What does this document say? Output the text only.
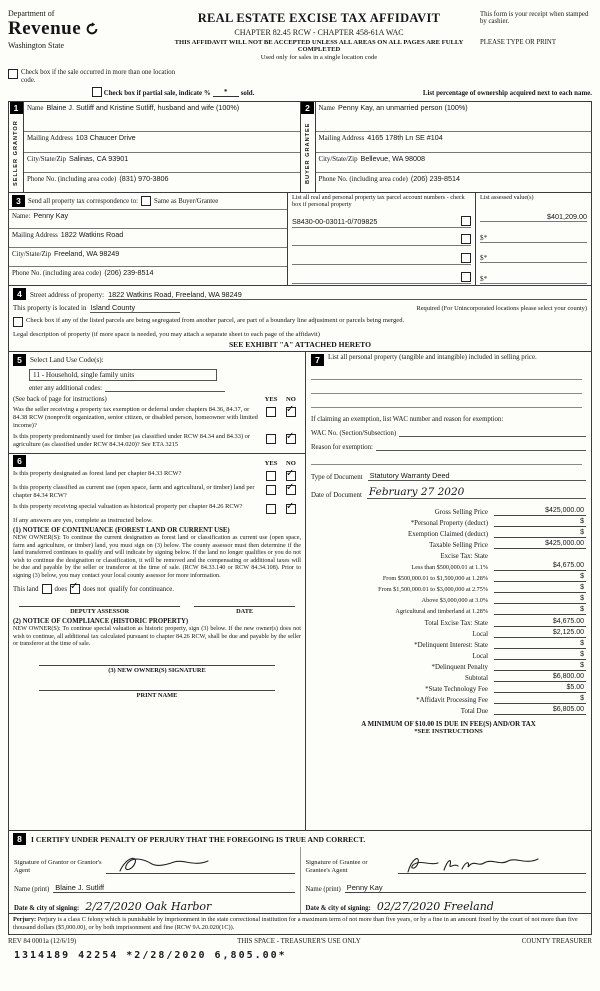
Department of
Revenue
Washington State
REAL ESTATE EXCISE TAX AFFIDAVIT
CHAPTER 82.45 RCW - CHAPTER 458-61A WAC
THIS AFFIDAVIT WILL NOT BE ACCEPTED UNLESS ALL AREAS ON ALL PAGES ARE FULLY COMPLETED
Used only for sales in a single location code
This form is your receipt when stamped by cashier.
PLEASE TYPE OR PRINT
Check box if the sale occurred in more than one location code.

Check box if partial sale, indicate %	*	sold.	List percentage of ownership acquired next to each name.
1
SELLER GRANTOR
Name Blaine J. Sutliff and Kristine Sutliff, husband and wife (100%)
Mailing Address 103 Chaucer Drive
City/State/Zip Salinas, CA 93901
Phone No. (including area code) (831) 970-3806
2
BUYER GRANTEE
Name Penny Kay, an unmarried person (100%)
Mailing Address 4165 178th Ln SE #104
City/State/Zip Bellevue, WA 98008
Phone No. (including area code) (206) 239-8514
3	Send all property tax correspondence to: Same as Buyer/Grantee
Name: Penny Kay
Mailing Address 1822 Watkins Road
City/State/Zip Freeland, WA 98249
Phone No. (including area code) (206) 239-8514
List all real and personal property tax parcel account numbers - check box if personal property
S8430-00-03011-0/709825
List assessed value(s)
$401,209.00
$*
$*
$*
4	Street address of property: 1822 Watkins Road, Freeland, WA 98249
This property is located in Island County	Required (For Unincorporated locations please select your county)
Check box if any of the listed parcels are being segregated from another parcel, are part of a boundary line adjustment or parcels being merged.
Legal description of property (if more space is needed, you may attach a separate sheet to each page of the affidavit)
SEE EXHIBIT "A" ATTACHED HERETO
5	Select Land Use Code(s):
11 - Household, single family units
enter any additional codes:
(See back of page for instructions)	YES	NO
Was the seller receiving a property tax exemption or deferral under chapters 84.36, 84.37, or 84.38 RCW (nonprofit organization, senior citizen, or disabled person, homeowner with limited income)?
✓
Is this property predominantly used for timber (as classified under RCW 84.34 and 84.33) or agriculture (as classified under RCW 84.34.020)? See ETA 3215
✓
6	YES	NO
Is this property designated as forest land per chapter 84.33 RCW?
✓
Is this property classified as current use (open space, farm and agricultural, or timber) land per chapter 84.34 RCW?
✓
Is this property receiving special valuation as historical property per chapter 84.26 RCW?
✓
If any answers are yes, complete as instructed below.
(1) NOTICE OF CONTINUANCE (FOREST LAND OR CURRENT USE)
NEW OWNER(S): To continue the current designation as forest land or classification as current use (open space, farm and agriculture, or timber) land, you must sign on (3) below. The county assessor must then determine if the land transferred continues to qualify and will indicate by signing below. If the land no longer qualifies or you do not wish to continue the designation or classification, it will be removed and the compensating or additional taxes will be due and payable by the seller or transferor at the time of sale. (RCW 84.33.140 or RCW 84.34.108). Prior to signing (3) below, you may contact your local county assessor for more information.
This land does ✓ does not qualify for continuance.
DEPUTY ASSESSOR	DATE
(2) NOTICE OF COMPLIANCE (HISTORIC PROPERTY)
NEW OWNER(S): To continue special valuation as historic property, sign (3) below. If the new owner(s) does not wish to continue, all additional tax calculated pursuant to chapter 84.26 RCW, shall be due and payable by the seller or transferor at the time of sale.
(3) NEW OWNER(S) SIGNATURE
PRINT NAME
7	List all personal property (tangible and intangible) included in selling price.
If claiming an exemption, list WAC number and reason for exemption:
WAC No. (Section/Subsection)
Reason for exemption:
Type of Document Statutory Warranty Deed
Date of Document February 27 2020
Gross Selling Price	$425,000.00
*Personal Property (deduct)	$
Exemption Claimed (deduct)	$
Taxable Selling Price	$425,000.00
Excise Tax: State
Less than $500,000.01 at 1.1%	$4,675.00
From $500,000.01 to $1,500,000 at 1.28%	$
From $1,500,000.01 to $3,000,000 at 2.75%	$
Above $3,000,000 at 3.0%	$
Agricultural and timberland at 1.28%	$
Total Excise Tax: State	$4,675.00
Local	$2,125.00
*Delinquent Interest: State	$
Local	$
*Delinquent Penalty	$
Subtotal	$6,800.00
*State Technology Fee	$5.00
*Affidavit Processing Fee	$
Total Due	$6,805.00
A MINIMUM OF $10.00 IS DUE IN FEE(S) AND/OR TAX
*SEE INSTRUCTIONS
8	I CERTIFY UNDER PENALTY OF PERJURY THAT THE FOREGOING IS TRUE AND CORRECT.
Signature of Grantor or Grantor's Agent
Name (print) Blaine J. Sutliff
Date & city of signing: 2/27/2020 Oak Harbor
Signature of Grantee or Grantee's Agent
Name (print) Penny Kay
Date & city of signing: 02/27/2020 Freeland
Perjury: Perjury is a class C felony which is punishable by imprisonment in the state correctional institution for a maximum term of not more than five years, or by a fine in an amount fixed by the court of not more than five thousand dollars ($5,000.00), or by both imprisonment and fine (RCW 9A.20.020(1C)).
REV 84 0001a (12/6/19)	THIS SPACE - TREASURER'S USE ONLY	COUNTY TREASURER
1314189 42254 *2/28/2020 6,805.00*
